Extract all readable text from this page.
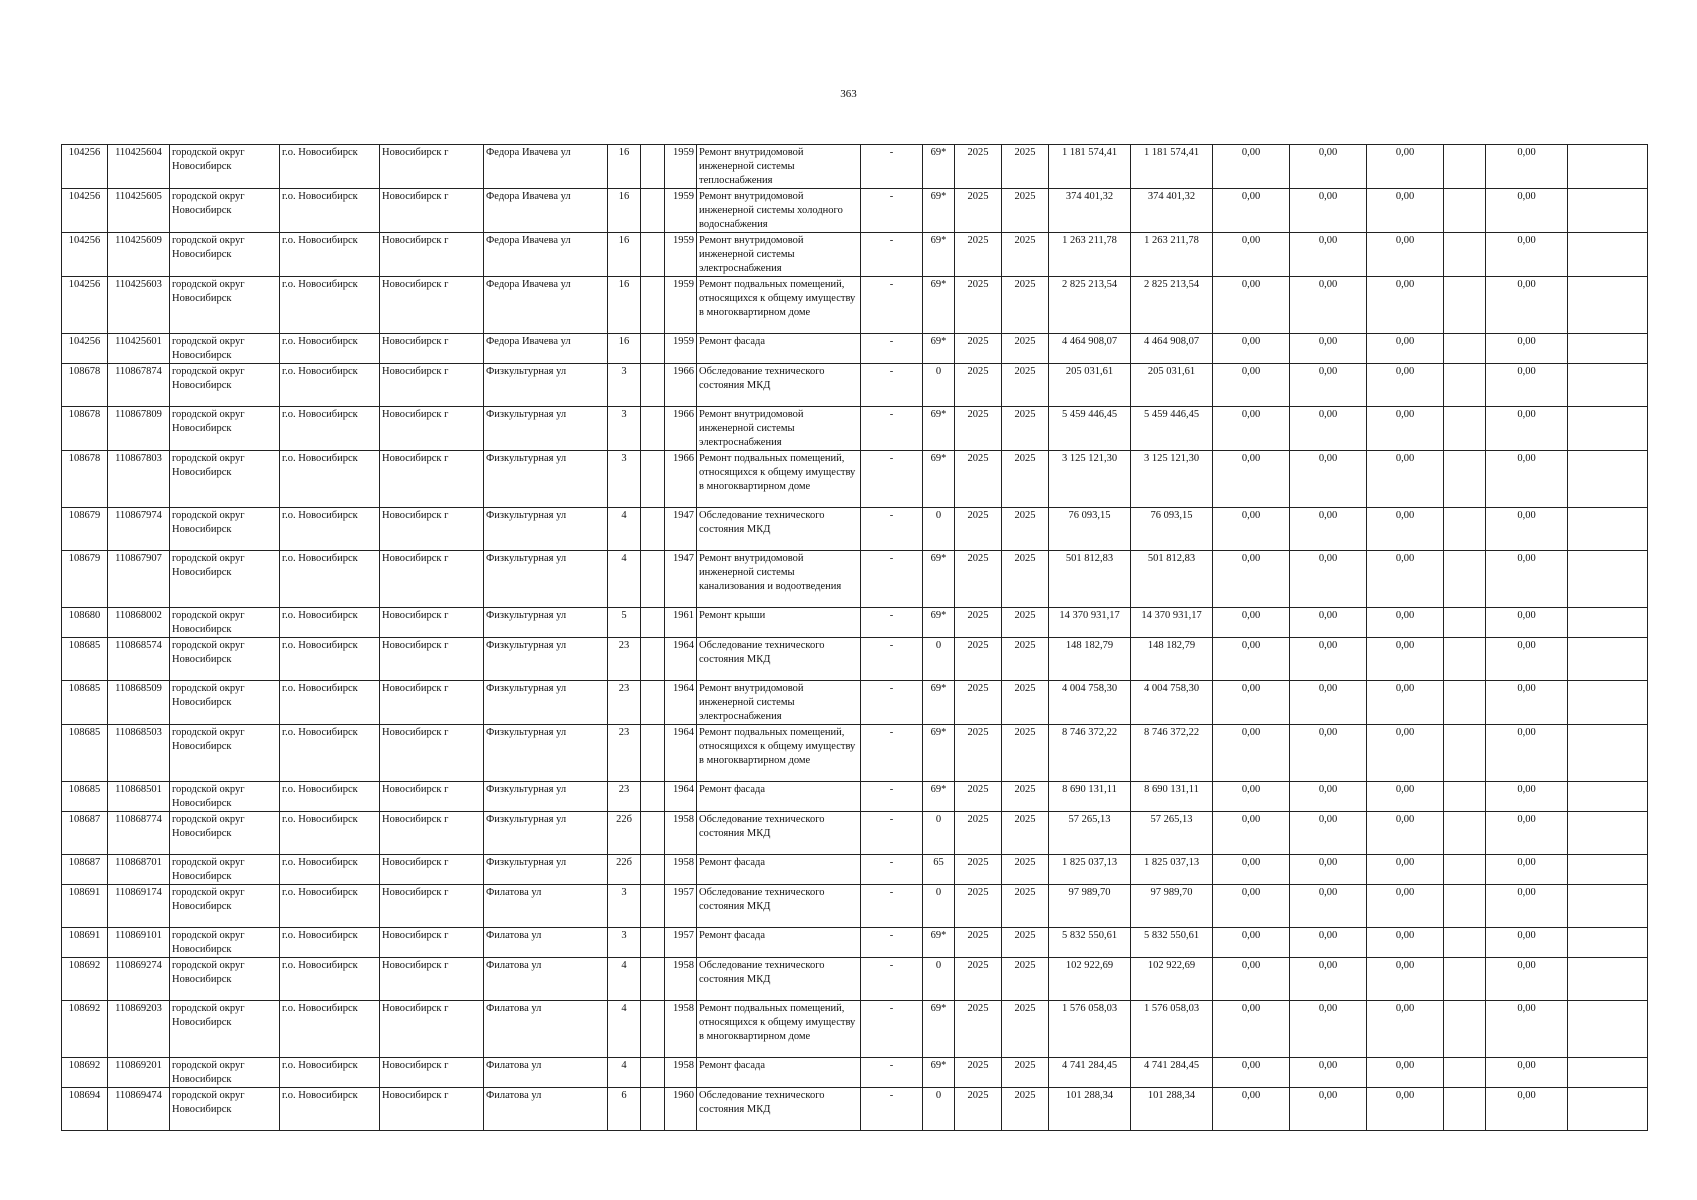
363
104256	110425604	городской округ Новосибирск	г.о. Новосибирск	Новосибирск г	Федора Ивачева ул	16		1959	Ремонт внутридомовой инженерной системы теплоснабжения	-	69*	2025	2025	1 181 574,41	1 181 574,41	0,00	0,00	0,00		0,00	
104256	110425605	городской округ Новосибирск	г.о. Новосибирск	Новосибирск г	Федора Ивачева ул	16		1959	Ремонт внутридомовой инженерной системы холодного водоснабжения	-	69*	2025	2025	374 401,32	374 401,32	0,00	0,00	0,00		0,00	
104256	110425609	городской округ Новосибирск	г.о. Новосибирск	Новосибирск г	Федора Ивачева ул	16		1959	Ремонт внутридомовой инженерной системы электроснабжения	-	69*	2025	2025	1 263 211,78	1 263 211,78	0,00	0,00	0,00		0,00	
104256	110425603	городской округ Новосибирск	г.о. Новосибирск	Новосибирск г	Федора Ивачева ул	16		1959	Ремонт подвальных помещений, относящихся к общему имуществу в многоквартирном доме	-	69*	2025	2025	2 825 213,54	2 825 213,54	0,00	0,00	0,00		0,00	
104256	110425601	городской округ Новосибирск	г.о. Новосибирск	Новосибирск г	Федора Ивачева ул	16		1959	Ремонт фасада	-	69*	2025	2025	4 464 908,07	4 464 908,07	0,00	0,00	0,00		0,00	
108678	110867874	городской округ Новосибирск	г.о. Новосибирск	Новосибирск г	Физкультурная ул	3		1966	Обследование технического состояния МКД	-	0	2025	2025	205 031,61	205 031,61	0,00	0,00	0,00		0,00	
108678	110867809	городской округ Новосибирск	г.о. Новосибирск	Новосибирск г	Физкультурная ул	3		1966	Ремонт внутридомовой инженерной системы электроснабжения	-	69*	2025	2025	5 459 446,45	5 459 446,45	0,00	0,00	0,00		0,00	
108678	110867803	городской округ Новосибирск	г.о. Новосибирск	Новосибирск г	Физкультурная ул	3		1966	Ремонт подвальных помещений, относящихся к общему имуществу в многоквартирном доме	-	69*	2025	2025	3 125 121,30	3 125 121,30	0,00	0,00	0,00		0,00	
108679	110867974	городской округ Новосибирск	г.о. Новосибирск	Новосибирск г	Физкультурная ул	4		1947	Обследование технического состояния МКД	-	0	2025	2025	76 093,15	76 093,15	0,00	0,00	0,00		0,00	
108679	110867907	городской округ Новосибирск	г.о. Новосибирск	Новосибирск г	Физкультурная ул	4		1947	Ремонт внутридомовой инженерной системы канализования и водоотведения	-	69*	2025	2025	501 812,83	501 812,83	0,00	0,00	0,00		0,00	
108680	110868002	городской округ Новосибирск	г.о. Новосибирск	Новосибирск г	Физкультурная ул	5		1961	Ремонт крыши	-	69*	2025	2025	14 370 931,17	14 370 931,17	0,00	0,00	0,00		0,00	
108685	110868574	городской округ Новосибирск	г.о. Новосибирск	Новосибирск г	Физкультурная ул	23		1964	Обследование технического состояния МКД	-	0	2025	2025	148 182,79	148 182,79	0,00	0,00	0,00		0,00	
108685	110868509	городской округ Новосибирск	г.о. Новосибирск	Новосибирск г	Физкультурная ул	23		1964	Ремонт внутридомовой инженерной системы электроснабжения	-	69*	2025	2025	4 004 758,30	4 004 758,30	0,00	0,00	0,00		0,00	
108685	110868503	городской округ Новосибирск	г.о. Новосибирск	Новосибирск г	Физкультурная ул	23		1964	Ремонт подвальных помещений, относящихся к общему имуществу в многоквартирном доме	-	69*	2025	2025	8 746 372,22	8 746 372,22	0,00	0,00	0,00		0,00	
108685	110868501	городской округ Новосибирск	г.о. Новосибирск	Новосибирск г	Физкультурная ул	23		1964	Ремонт фасада	-	69*	2025	2025	8 690 131,11	8 690 131,11	0,00	0,00	0,00		0,00	
108687	110868774	городской округ Новосибирск	г.о. Новосибирск	Новосибирск г	Физкультурная ул	22б		1958	Обследование технического состояния МКД	-	0	2025	2025	57 265,13	57 265,13	0,00	0,00	0,00		0,00	
108687	110868701	городской округ Новосибирск	г.о. Новосибирск	Новосибирск г	Физкультурная ул	22б		1958	Ремонт фасада	-	65	2025	2025	1 825 037,13	1 825 037,13	0,00	0,00	0,00		0,00	
108691	110869174	городской округ Новосибирск	г.о. Новосибирск	Новосибирск г	Филатова ул	3		1957	Обследование технического состояния МКД	-	0	2025	2025	97 989,70	97 989,70	0,00	0,00	0,00		0,00	
108691	110869101	городской округ Новосибирск	г.о. Новосибирск	Новосибирск г	Филатова ул	3		1957	Ремонт фасада	-	69*	2025	2025	5 832 550,61	5 832 550,61	0,00	0,00	0,00		0,00	
108692	110869274	городской округ Новосибирск	г.о. Новосибирск	Новосибирск г	Филатова ул	4		1958	Обследование технического состояния МКД	-	0	2025	2025	102 922,69	102 922,69	0,00	0,00	0,00		0,00	
108692	110869203	городской округ Новосибирск	г.о. Новосибирск	Новосибирск г	Филатова ул	4		1958	Ремонт подвальных помещений, относящихся к общему имуществу в многоквартирном доме	-	69*	2025	2025	1 576 058,03	1 576 058,03	0,00	0,00	0,00		0,00	
108692	110869201	городской округ Новосибирск	г.о. Новосибирск	Новосибирск г	Филатова ул	4		1958	Ремонт фасада	-	69*	2025	2025	4 741 284,45	4 741 284,45	0,00	0,00	0,00		0,00	
108694	110869474	городской округ Новосибирск	г.о. Новосибирск	Новосибирск г	Филатова ул	6		1960	Обследование технического состояния МКД	-	0	2025	2025	101 288,34	101 288,34	0,00	0,00	0,00		0,00	
